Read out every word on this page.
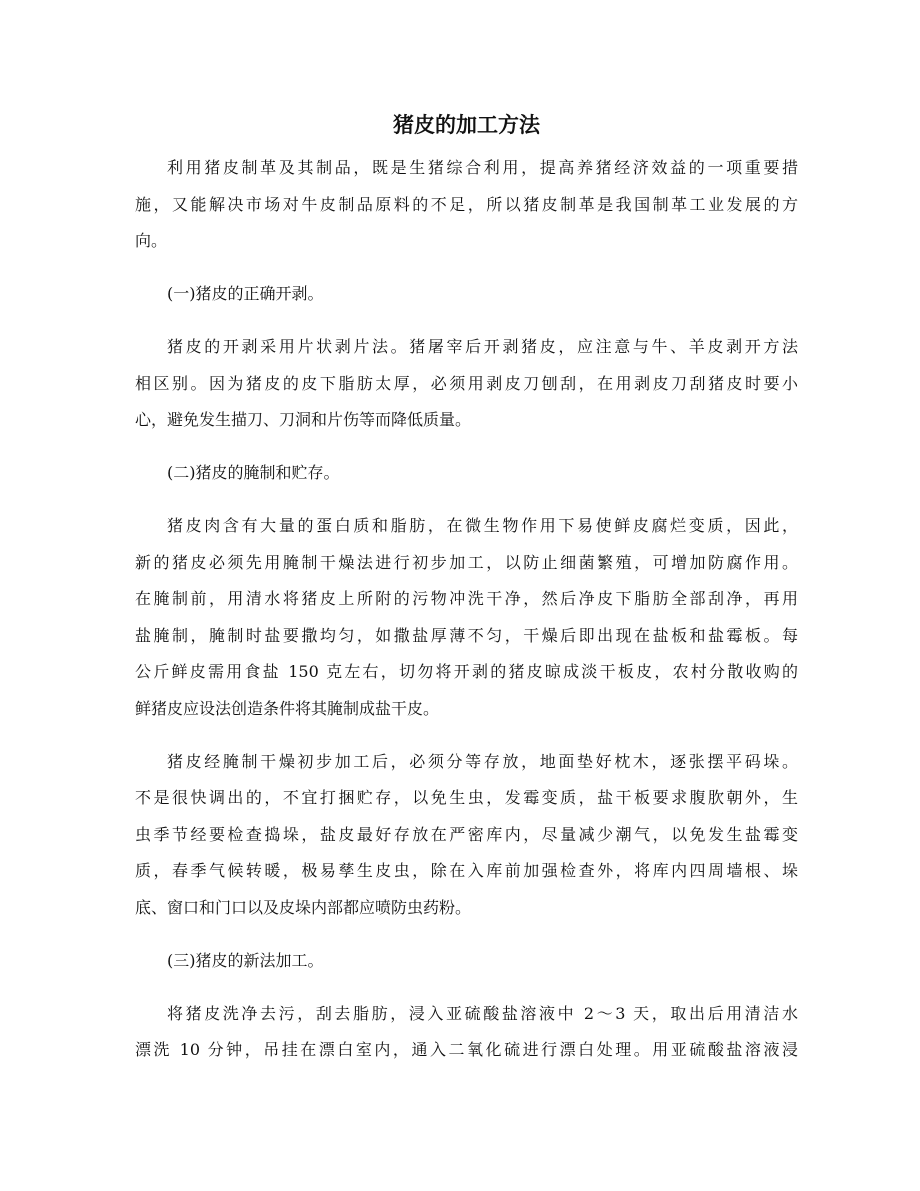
猪皮的加工方法
利用猪皮制革及其制品，既是生猪综合利用，提高养猪经济效益的一项重要措
施，又能解决市场对牛皮制品原料的不足，所以猪皮制革是我国制革工业发展的方
向。
(一)猪皮的正确开剥。
猪皮的开剥采用片状剥片法。猪屠宰后开剥猪皮，应注意与牛、羊皮剥开方法
相区别。因为猪皮的皮下脂肪太厚，必须用剥皮刀刨刮，在用剥皮刀刮猪皮时要小
心，避免发生描刀、刀洞和片伤等而降低质量。
(二)猪皮的腌制和贮存。
猪皮肉含有大量的蛋白质和脂肪，在微生物作用下易使鲜皮腐烂变质，因此，
新的猪皮必须先用腌制干燥法进行初步加工，以防止细菌繁殖，可增加防腐作用。
在腌制前，用清水将猪皮上所附的污物冲洗干净，然后净皮下脂肪全部刮净，再用
盐腌制，腌制时盐要撒均匀，如撒盐厚薄不匀，干燥后即出现在盐板和盐霉板。每
公斤鲜皮需用食盐 150 克左右，切勿将开剥的猪皮晾成淡干板皮，农村分散收购的
鲜猪皮应设法创造条件将其腌制成盐干皮。
猪皮经腌制干燥初步加工后，必须分等存放，地面垫好枕木，逐张摆平码垛。
不是很快调出的，不宜打捆贮存，以免生虫，发霉变质，盐干板要求腹肷朝外，生
虫季节经要检查捣垛，盐皮最好存放在严密库内，尽量减少潮气，以免发生盐霉变
质，春季气候转暖，极易孳生皮虫，除在入库前加强检查外，将库内四周墙根、垛
底、窗口和门口以及皮垛内部都应喷防虫药粉。
(三)猪皮的新法加工。
将猪皮洗净去污，刮去脂肪，浸入亚硫酸盐溶液中 2～3 天，取出后用清洁水
漂洗 10 分钟，吊挂在漂白室内，通入二氧化硫进行漂白处理。用亚硫酸盐溶液浸
